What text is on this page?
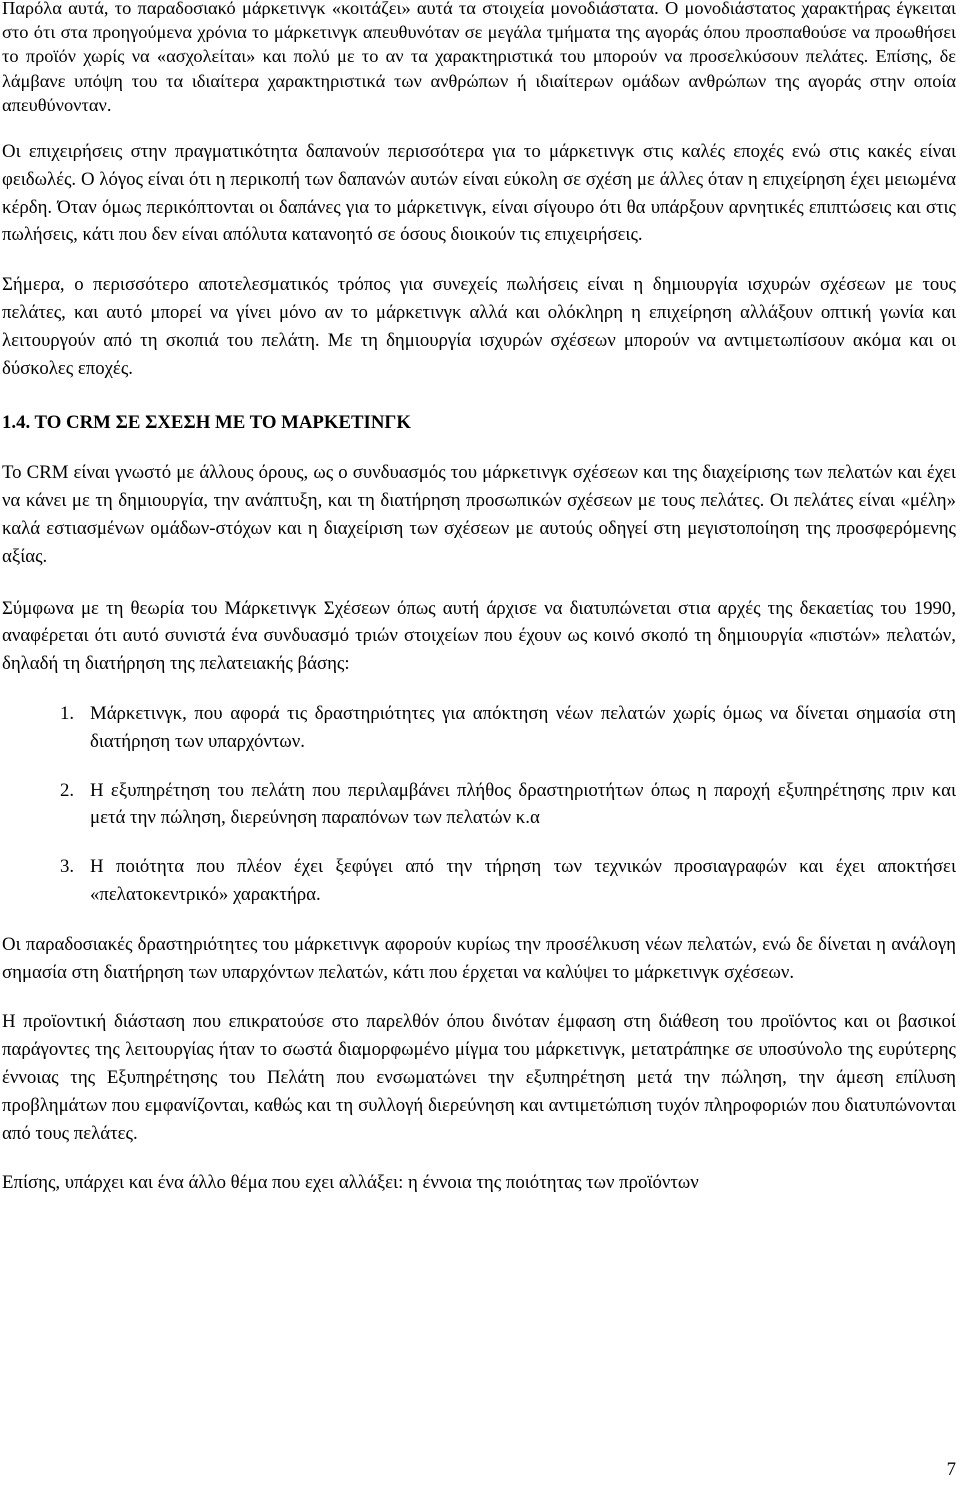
Παρόλα αυτά, το παραδοσιακό μάρκετινγκ «κοιτάζει» αυτά τα στοιχεία μονοδιάστατα. Ο μονοδιάστατος χαρακτήρας έγκειται στο ότι στα προηγούμενα χρόνια το μάρκετινγκ απευθυνόταν σε μεγάλα τμήματα της αγοράς όπου προσπαθούσε να προωθήσει το προϊόν χωρίς να «ασχολείται» και πολύ με το αν τα χαρακτηριστικά του μπορούν να προσελκύσουν πελάτες. Επίσης, δε λάμβανε υπόψη του τα ιδιαίτερα χαρακτηριστικά των ανθρώπων ή ιδιαίτερων ομάδων ανθρώπων της αγοράς στην οποία απευθύνονταν.

Οι επιχειρήσεις στην πραγματικότητα δαπανούν περισσότερα για το μάρκετινγκ στις καλές εποχές ενώ στις κακές είναι φειδωλές. Ο λόγος είναι ότι η περικοπή των δαπανών αυτών είναι εύκολη σε σχέση με άλλες όταν η επιχείρηση έχει μειωμένα κέρδη. Όταν όμως περικόπτονται οι δαπάνες για το μάρκετινγκ, είναι σίγουρο ότι θα υπάρξουν αρνητικές επιπτώσεις και στις πωλήσεις, κάτι που δεν είναι απόλυτα κατανοητό σε όσους διοικούν τις επιχειρήσεις.

Σήμερα, ο περισσότερο αποτελεσματικός τρόπος για συνεχείς πωλήσεις είναι η δημιουργία ισχυρών σχέσεων με τους πελάτες, και αυτό μπορεί να γίνει μόνο αν το μάρκετινγκ αλλά και ολόκληρη η επιχείρηση αλλάξουν οπτική γωνία και λειτουργούν από τη σκοπιά του πελάτη. Με τη δημιουργία ισχυρών σχέσεων μπορούν να αντιμετωπίσουν ακόμα και οι δύσκολες εποχές.

1.4. ΤΟ CRM ΣΕ ΣΧΕΣΗ ΜΕ ΤΟ ΜΑΡΚΕΤΙΝΓΚ

Το CRM είναι γνωστό με άλλους όρους, ως ο συνδυασμός του μάρκετινγκ σχέσεων και της διαχείρισης των πελατών και έχει να κάνει με τη δημιουργία, την ανάπτυξη, και τη διατήρηση προσωπικών σχέσεων με τους πελάτες. Οι πελάτες είναι «μέλη» καλά εστιασμένων ομάδων-στόχων και η διαχείριση των σχέσεων με αυτούς οδηγεί στη μεγιστοποίηση της προσφερόμενης αξίας.

Σύμφωνα με τη θεωρία του Μάρκετινγκ Σχέσεων όπως αυτή άρχισε να διατυπώνεται στια αρχές της δεκαετίας του 1990, αναφέρεται ότι αυτό συνιστά ένα συνδυασμό τριών στοιχείων που έχουν ως κοινό σκοπό τη δημιουργία «πιστών» πελατών, δηλαδή τη διατήρηση της πελατειακής βάσης:

1. Μάρκετινγκ, που αφορά τις δραστηριότητες για απόκτηση νέων πελατών χωρίς όμως να δίνεται σημασία στη διατήρηση των υπαρχόντων.
2. Η εξυπηρέτηση του πελάτη που περιλαμβάνει πλήθος δραστηριοτήτων όπως η παροχή εξυπηρέτησης πριν και μετά την πώληση, διερεύνηση παραπόνων των πελατών κ.α
3. Η ποιότητα που πλέον έχει ξεφύγει από την τήρηση των τεχνικών προσιαγραφών και έχει αποκτήσει «πελατοκεντρικό» χαρακτήρα.

Οι παραδοσιακές δραστηριότητες του μάρκετινγκ αφορούν κυρίως την προσέλκυση νέων πελατών, ενώ δε δίνεται η ανάλογη σημασία στη διατήρηση των υπαρχόντων πελατών, κάτι που έρχεται να καλύψει το μάρκετινγκ σχέσεων.

Η προϊοντική διάσταση που επικρατούσε στο παρελθόν όπου δινόταν έμφαση στη διάθεση του προϊόντος και οι βασικοί παράγοντες της λειτουργίας ήταν το σωστά διαμορφωμένο μίγμα του μάρκετινγκ, μετατράπηκε σε υποσύνολο της ευρύτερης έννοιας της Εξυπηρέτησης του Πελάτη που ενσωματώνει την εξυπηρέτηση μετά την πώληση, την άμεση επίλυση προβλημάτων που εμφανίζονται, καθώς και τη συλλογή διερεύνηση και αντιμετώπιση τυχόν πληροφοριών που διατυπώνονται από τους πελάτες.

Επίσης, υπάρχει και ένα άλλο θέμα που εχει αλλάξει: η έννοια της ποιότητας των προϊόντων

7
